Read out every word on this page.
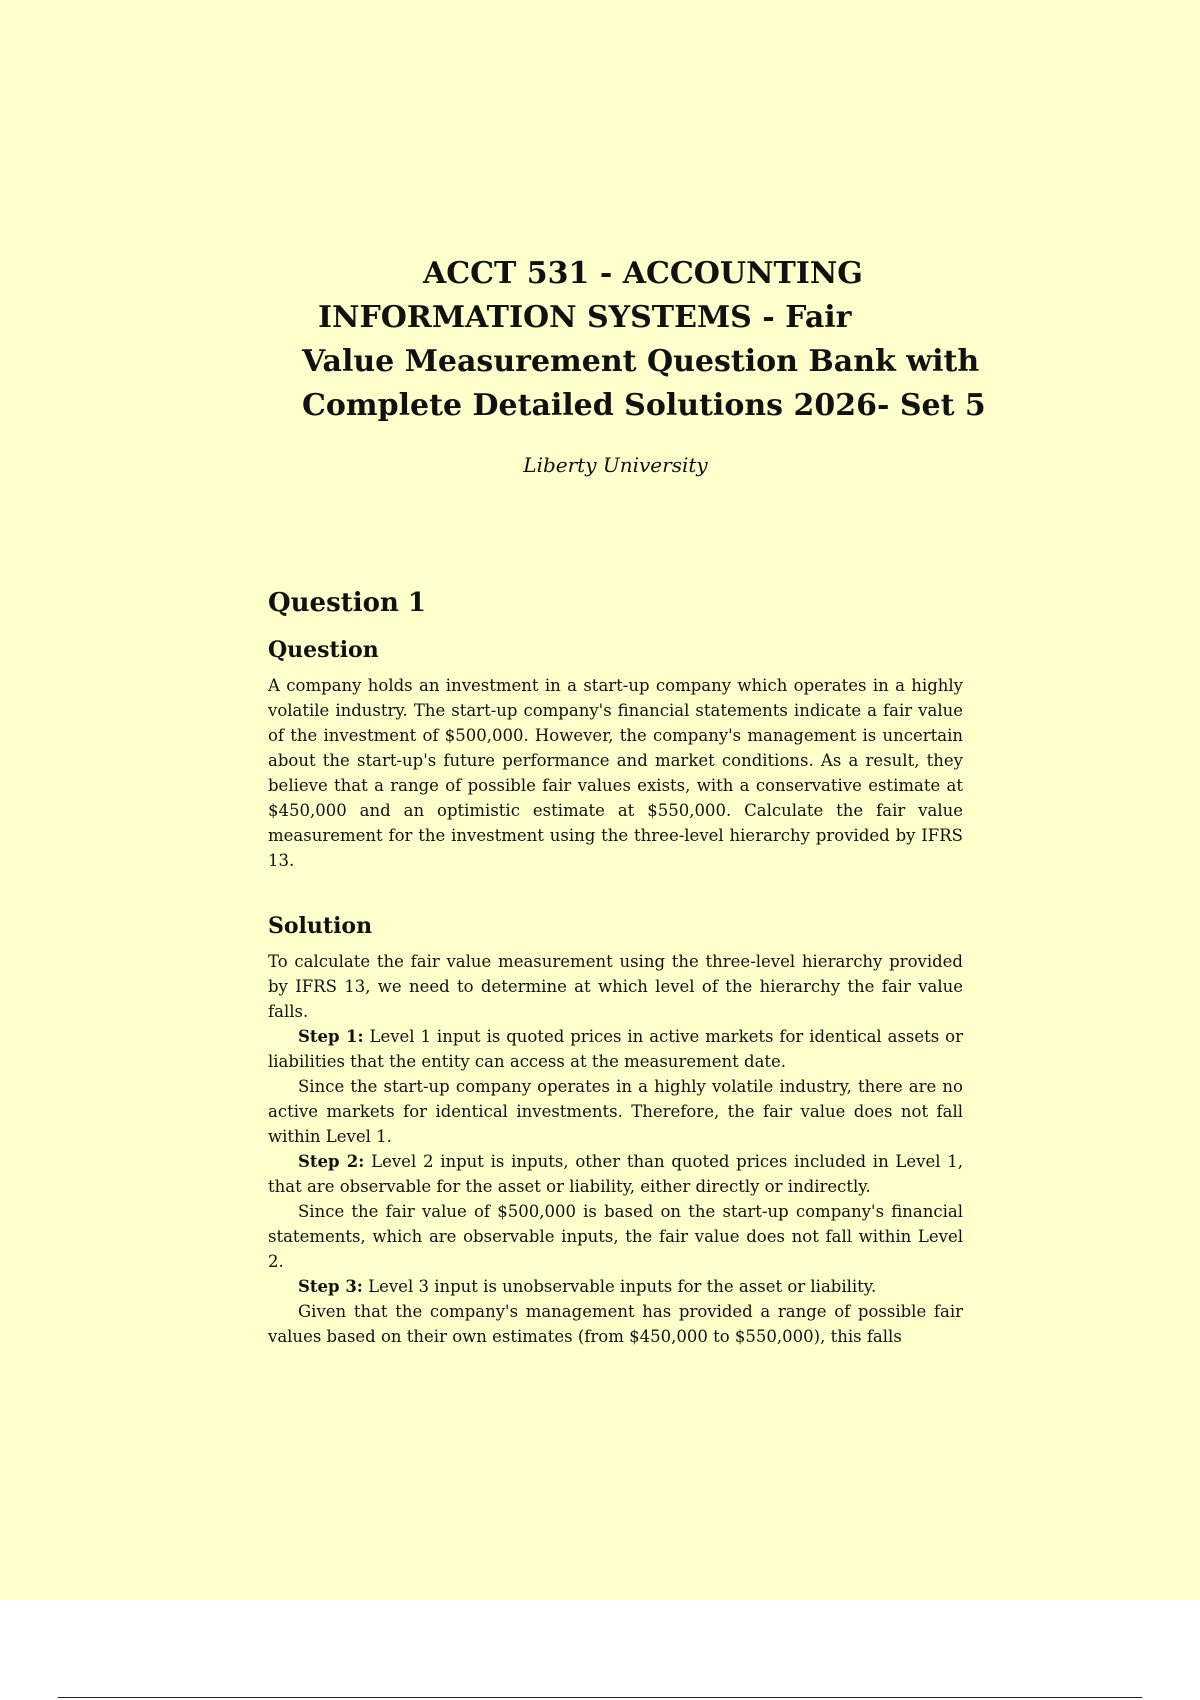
ACCT 531 - ACCOUNTING
INFORMATION SYSTEMS - Fair
Value Measurement Question Bank with
Complete Detailed Solutions 2026- Set 5

Liberty University

Question 1
Question

A company holds an investment in a start-up company which operates in a highly volatile industry. The start-up company's financial statements indicate a fair value of the investment of $500,000. However, the company's management is uncertain about the start-up's future performance and market conditions. As a result, they believe that a range of possible fair values exists, with a conservative estimate at $450,000 and an optimistic estimate at $550,000. Calculate the fair value measurement for the investment using the three-level hierarchy provided by IFRS 13.

Solution

To calculate the fair value measurement using the three-level hierarchy provided by IFRS 13, we need to determine at which level of the hierarchy the fair value falls.

Step 1: Level 1 input is quoted prices in active markets for identical assets or liabilities that the entity can access at the measurement date.

Since the start-up company operates in a highly volatile industry, there are no active markets for identical investments. Therefore, the fair value does not fall within Level 1.

Step 2: Level 2 input is inputs, other than quoted prices included in Level 1, that are observable for the asset or liability, either directly or indirectly.

Since the fair value of $500,000 is based on the start-up company's financial statements, which are observable inputs, the fair value does not fall within Level 2.

Step 3: Level 3 input is unobservable inputs for the asset or liability.

Given that the company's management has provided a range of possible fair values based on their own estimates (from $450,000 to $550,000), this falls
